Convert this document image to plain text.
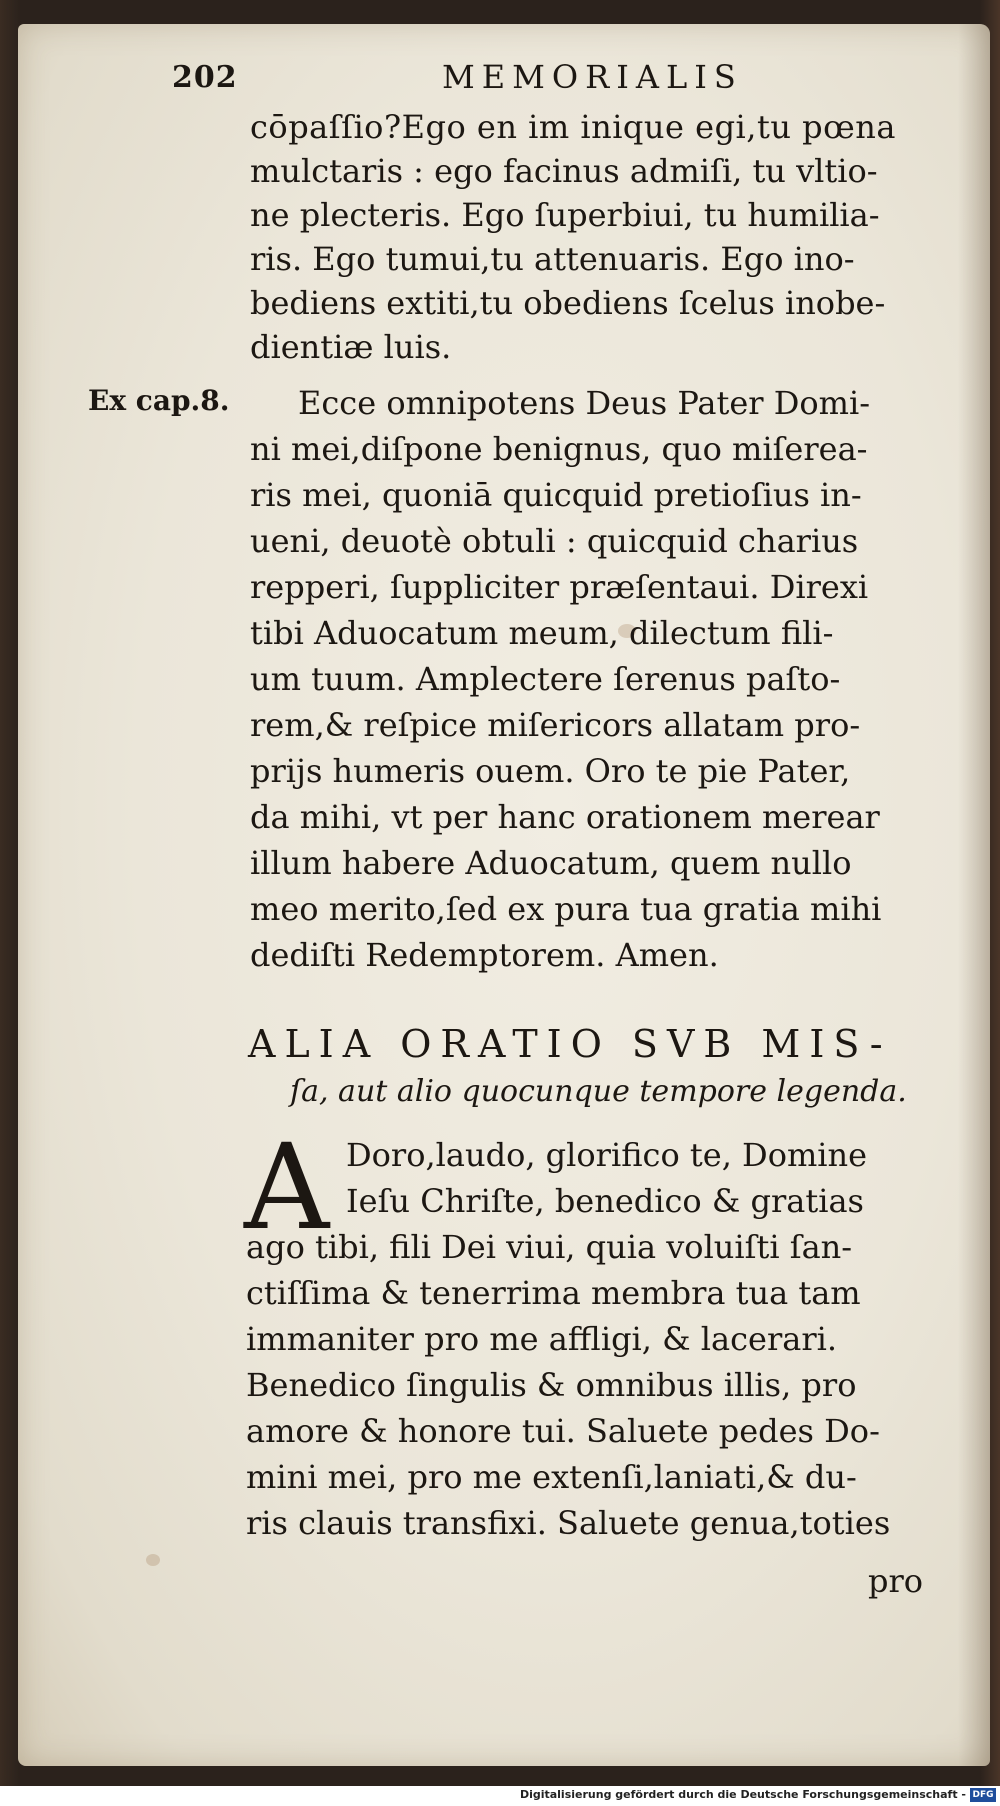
202	MEMORIALIS
cōpaſſio?Ego en im inique egi,tu pœna
mulctaris : ego facinus admiſi, tu vltio-
ne plecteris. Ego ſuperbiui, tu humilia-
ris. Ego tumui,tu attenuaris. Ego ino-
bediens extiti,tu obediens ſcelus inobe-
dientiæ luis.
Ex cap.8. Ecce omnipotens Deus Pater Domi-
ni mei,diſpone benignus, quo miſerea-
ris mei, quoniā quicquid pretioſius in-
ueni, deuotè obtuli : quicquid charius
repperi, ſuppliciter præſentaui. Direxi
tibi Aduocatum meum, dilectum fili-
um tuum. Amplectere ſerenus paſto-
rem,& reſpice miſericors allatam pro-
prijs humeris ouem. Oro te pie Pater,
da mihi, vt per hanc orationem merear
illum habere Aduocatum, quem nullo
meo merito,ſed ex pura tua gratia mihi
dediſti Redemptorem. Amen.
ALIA ORATIO SVB MIS-
ſa, aut alio quocunque tempore legenda.
A Doro,laudo, glorifico te, Domine
Ieſu Chriſte, benedico & gratias
ago tibi, fili Dei viui, quia voluiſti ſan-
ctiſſima & tenerrima membra tua tam
immaniter pro me affligi, & lacerari.
Benedico ſingulis & omnibus illis, pro
amore & honore tui. Saluete pedes Do-
mini mei, pro me extenſi,laniati,& du-
ris clauis transfixi. Saluete genua,toties
pro
Digitalisierung gefördert durch die Deutsche Forschungsgemeinschaft - DFG
